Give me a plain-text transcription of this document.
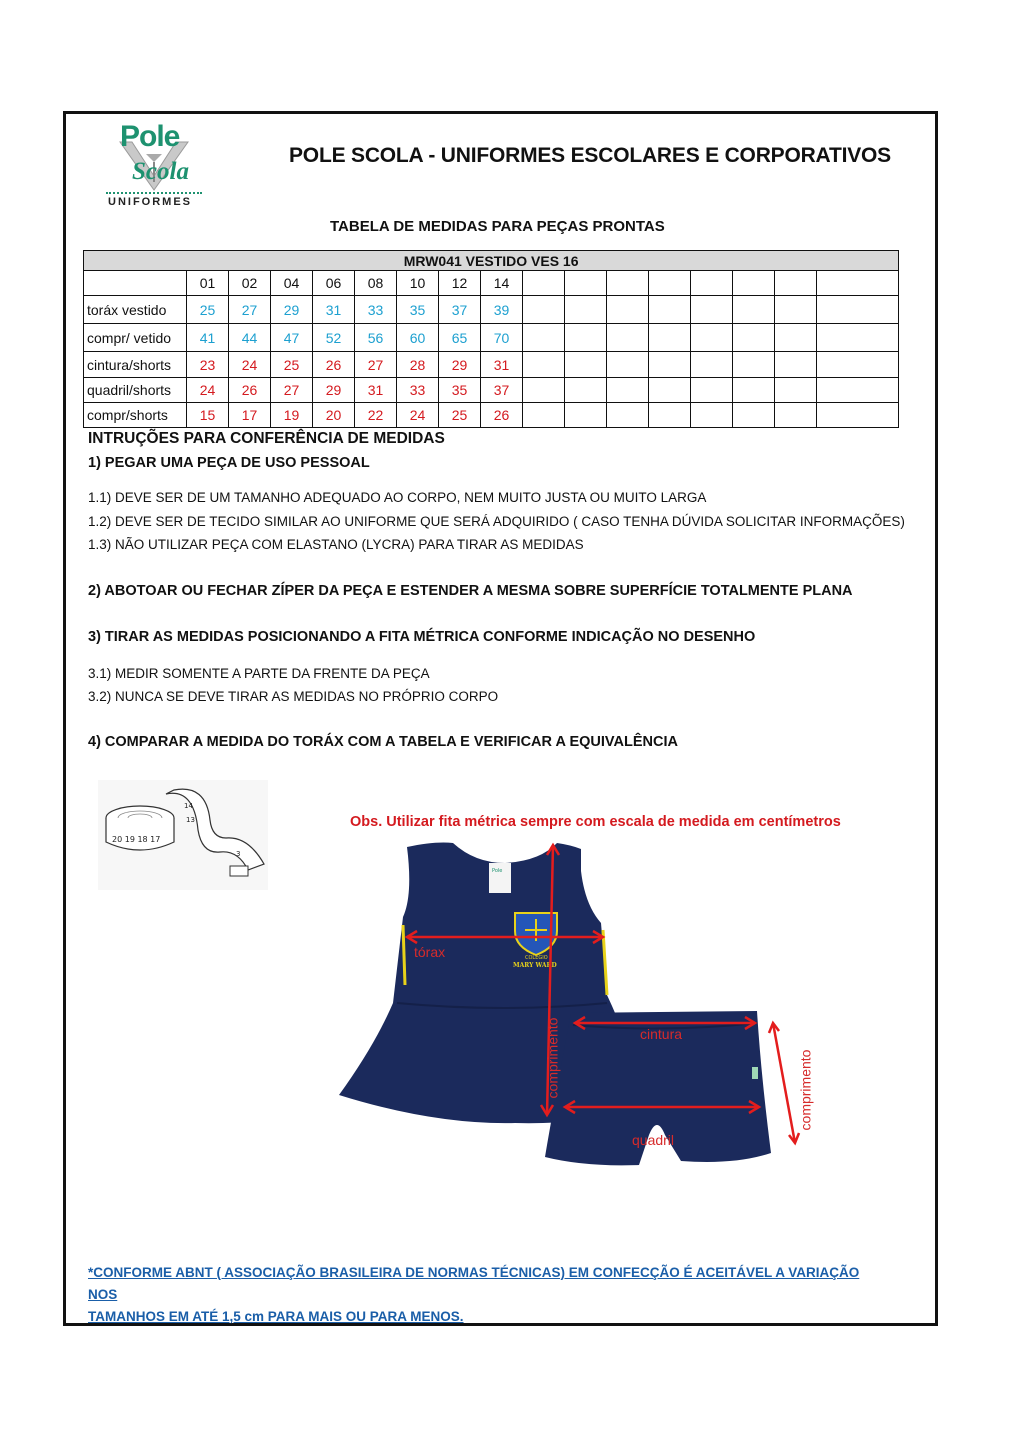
Pole
Scola
UNIFORMES
POLE SCOLA - UNIFORMES ESCOLARES E CORPORATIVOS
TABELA DE MEDIDAS PARA PEÇAS PRONTAS
MRW041 VESTIDO VES 16																
	01	02	04	06	08	10	12	14								
toráx vestido	25	27	29	31	33	35	37	39								
compr/ vetido	41	44	47	52	56	60	65	70								
cintura/shorts	23	24	25	26	27	28	29	31								
quadril/shorts	24	26	27	29	31	33	35	37								
compr/shorts	15	17	19	20	22	24	25	26								
INTRUÇÕES PARA CONFERÊNCIA DE MEDIDAS
1) PEGAR UMA PEÇA DE USO PESSOAL
1.1) DEVE SER DE UM TAMANHO ADEQUADO AO CORPO, NEM MUITO JUSTA OU MUITO LARGA
1.2) DEVE SER DE TECIDO SIMILAR AO UNIFORME QUE SERÁ ADQUIRIDO ( CASO TENHA DÚVIDA SOLICITAR INFORMAÇÕES)
1.3) NÃO UTILIZAR PEÇA COM ELASTANO (LYCRA) PARA TIRAR AS MEDIDAS
2) ABOTOAR OU FECHAR ZÍPER DA PEÇA E ESTENDER A MESMA SOBRE SUPERFÍCIE TOTALMENTE PLANA
3) TIRAR AS MEDIDAS POSICIONANDO A FITA MÉTRICA CONFORME INDICAÇÃO NO DESENHO
3.1) MEDIR SOMENTE A PARTE DA FRENTE DA PEÇA
3.2) NUNCA SE DEVE TIRAR AS MEDIDAS NO PRÓPRIO CORPO
4) COMPARAR A MEDIDA DO TORÁX COM A TABELA E VERIFICAR A EQUIVALÊNCIA
20 19 18 17
14
13
3
Obs. Utilizar fita métrica sempre com escala de medida em centímetros
Pole
COLÉGIO
MARY WARD
tórax
comprimento	cintura
quadril
comprimento
*CONFORME ABNT ( ASSOCIAÇÃO BRASILEIRA DE NORMAS TÉCNICAS) EM CONFECÇÃO É ACEITÁVEL A VARIAÇÃO NOS
TAMANHOS EM ATÉ 1,5 cm PARA MAIS OU PARA MENOS.
